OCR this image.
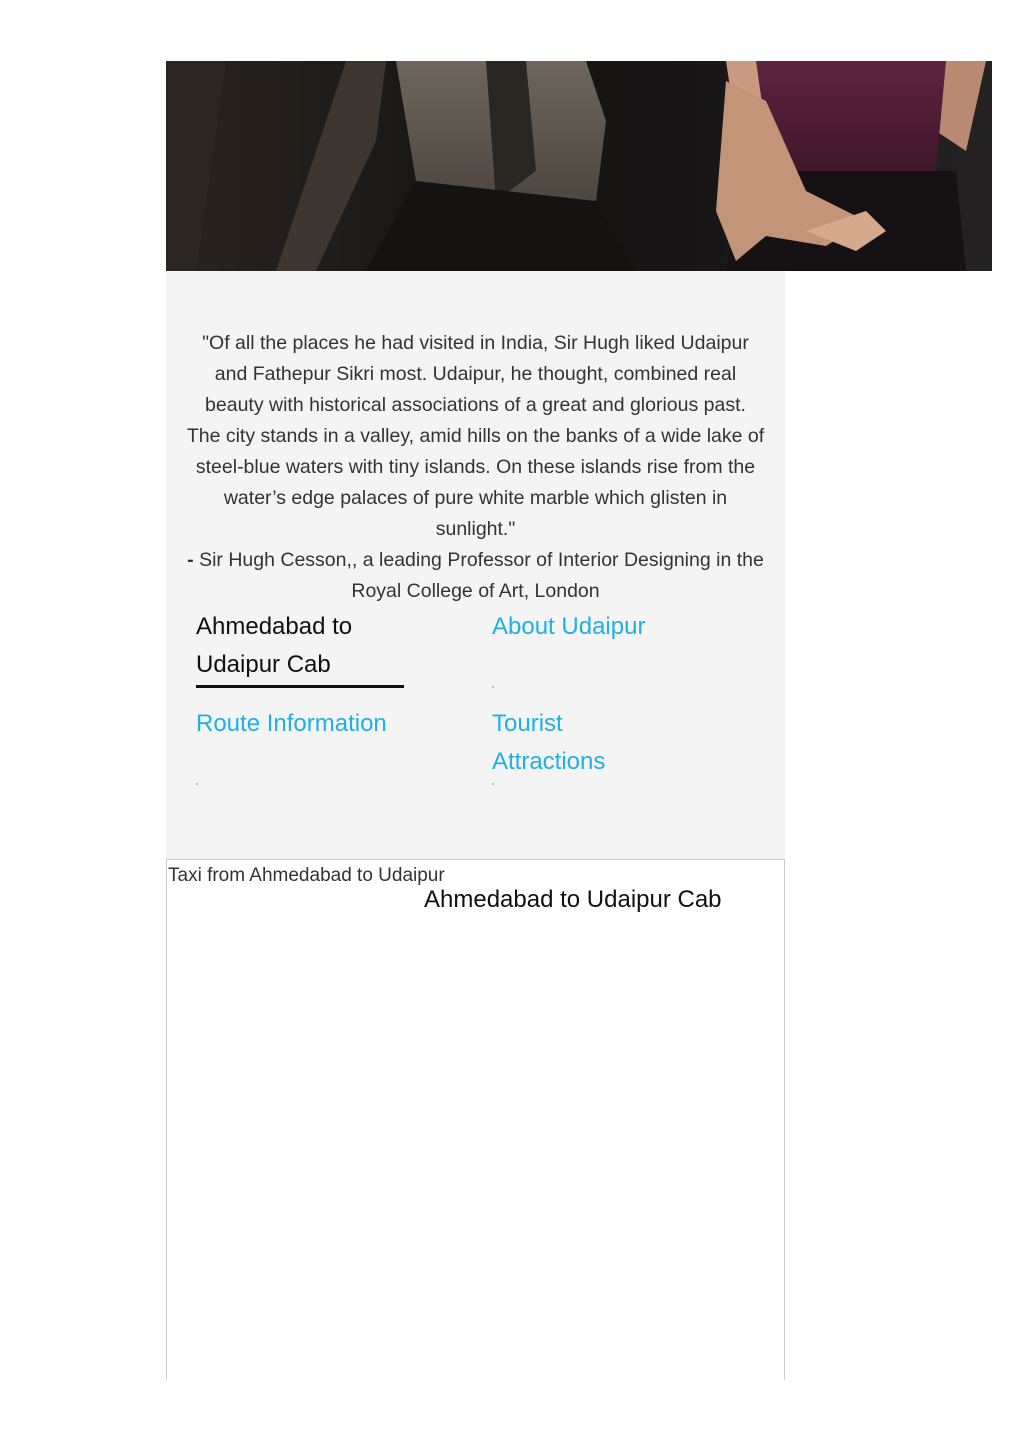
"Of all the places he had visited in India, Sir Hugh liked Udaipur and Fathepur Sikri most. Udaipur, he thought, combined real beauty with historical associations of a great and glorious past. The city stands in a valley, amid hills on the banks of a wide lake of steel-blue waters with tiny islands. On these islands rise from the water’s edge palaces of pure white marble which glisten in sunlight."
- Sir Hugh Cesson,, a leading Professor of Interior Designing in the Royal College of Art, London

Ahmedabad to Udaipur Cab
About Udaipur
Route Information	Tourist Attractions
Taxi from Ahmedabad to Udaipur
Ahmedabad to Udaipur Cab
